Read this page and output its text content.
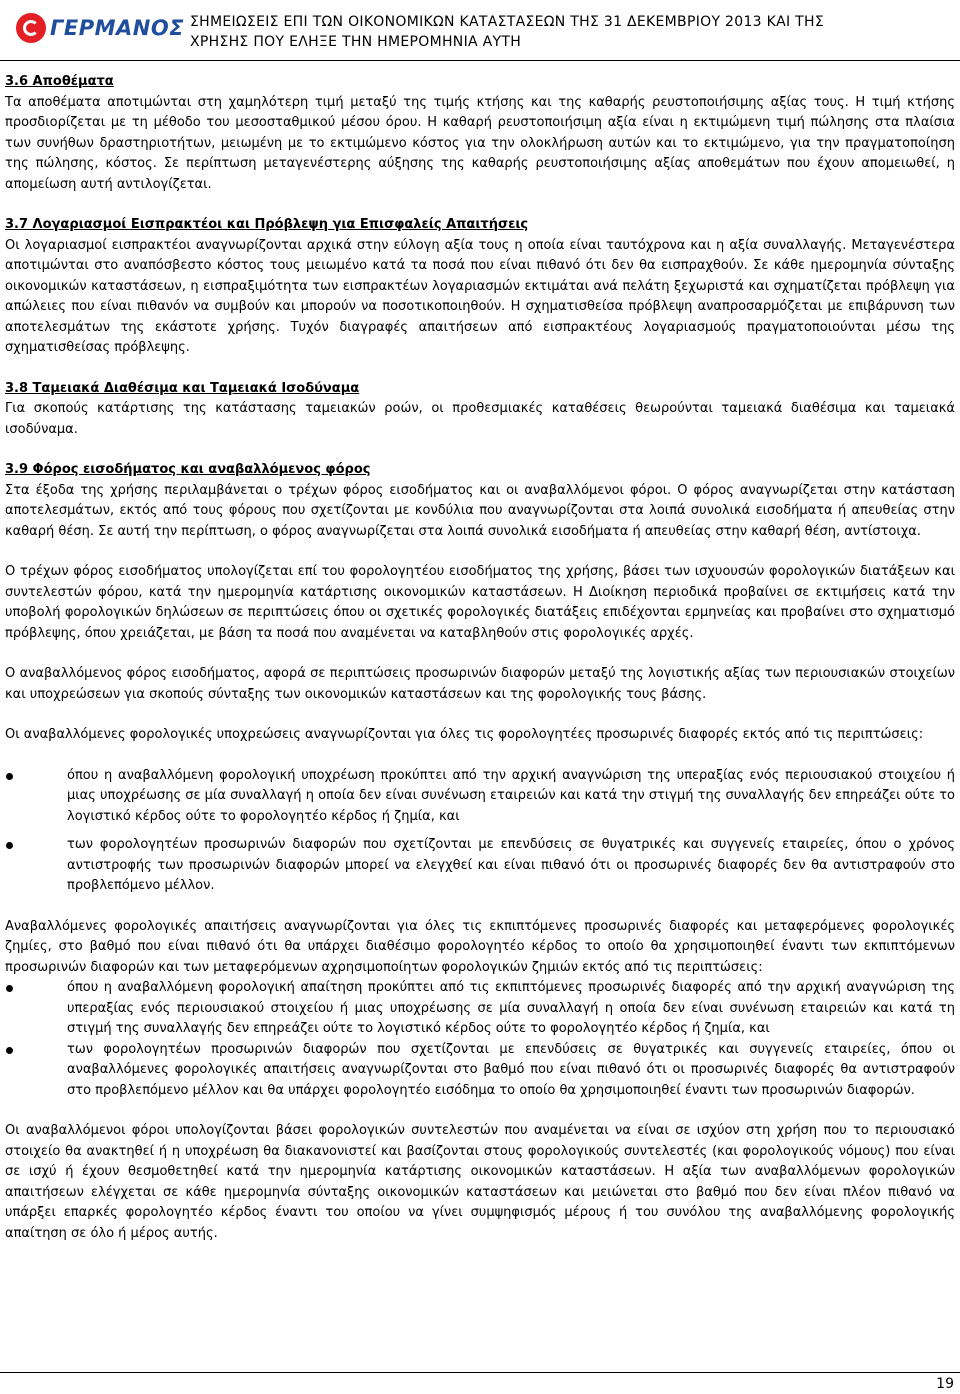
ΓΕΡΜΑΝΟΣ ΣΗΜΕΙΩΣΕΙΣ ΕΠΙ ΤΩΝ ΟΙΚΟΝΟΜΙΚΩΝ ΚΑΤΑΣΤΑΣΕΩΝ ΤΗΣ 31 ΔΕΚΕΜΒΡΙΟΥ 2013 ΚΑΙ ΤΗΣ
ΧΡΗΣΗΣ ΠΟΥ ΕΛΗΞΕ ΤΗΝ ΗΜΕΡΟΜΗΝΙΑ ΑΥΤΗ

3.6 Αποθέματα

Τα αποθέματα αποτιμώνται στη χαμηλότερη τιμή μεταξύ της τιμής κτήσης και της καθαρής ρευστοποιήσιμης αξίας τους. Η τιμή κτήσης προσδιορίζεται με τη μέθοδο του μεσοσταθμικού μέσου όρου. Η καθαρή ρευστοποιήσιμη αξία είναι η εκτιμώμενη τιμή πώλησης στα πλαίσια των συνήθων δραστηριοτήτων, μειωμένη με το εκτιμώμενο κόστος για την ολοκλήρωση αυτών και το εκτιμώμενο, για την πραγματοποίηση της πώλησης, κόστος. Σε περίπτωση μεταγενέστερης αύξησης της καθαρής ρευστοποιήσιμης αξίας αποθεμάτων που έχουν απομειωθεί, η απομείωση αυτή αντιλογίζεται.

3.7 Λογαριασμοί Εισπρακτέοι και Πρόβλεψη για Επισφαλείς Απαιτήσεις

Οι λογαριασμοί εισπρακτέοι αναγνωρίζονται αρχικά στην εύλογη αξία τους η οποία είναι ταυτόχρονα και η αξία συναλλαγής. Μεταγενέστερα αποτιμώνται στο αναπόσβεστο κόστος τους μειωμένο κατά τα ποσά που είναι πιθανό ότι δεν θα εισπραχθούν. Σε κάθε ημερομηνία σύνταξης οικονομικών καταστάσεων, η εισπραξιμότητα των εισπρακτέων λογαριασμών εκτιμάται ανά πελάτη ξεχωριστά και σχηματίζεται πρόβλεψη για απώλειες που είναι πιθανόν να συμβούν και μπορούν να ποσοτικοποιηθούν. Η σχηματισθείσα πρόβλεψη αναπροσαρμόζεται με επιβάρυνση των αποτελεσμάτων της εκάστοτε χρήσης. Τυχόν διαγραφές απαιτήσεων από εισπρακτέους λογαριασμούς πραγματοποιούνται μέσω της σχηματισθείσας πρόβλεψης.

3.8 Ταμειακά Διαθέσιμα και Ταμειακά Ισοδύναμα

Για σκοπούς κατάρτισης της κατάστασης ταμειακών ροών, οι προθεσμιακές καταθέσεις θεωρούνται ταμειακά διαθέσιμα και ταμειακά ισοδύναμα.

3.9 Φόρος εισοδήματος και αναβαλλόμενος φόρος

Στα έξοδα της χρήσης περιλαμβάνεται ο τρέχων φόρος εισοδήματος και οι αναβαλλόμενοι φόροι. Ο φόρος αναγνωρίζεται στην κατάσταση αποτελεσμάτων, εκτός από τους φόρους που σχετίζονται με κονδύλια που αναγνωρίζονται στα λοιπά συνολικά εισοδήματα ή απευθείας στην καθαρή θέση. Σε αυτή την περίπτωση, ο φόρος αναγνωρίζεται στα λοιπά συνολικά εισοδήματα ή απευθείας στην καθαρή θέση, αντίστοιχα.

Ο τρέχων φόρος εισοδήματος υπολογίζεται επί του φορολογητέου εισοδήματος της χρήσης, βάσει των ισχυουσών φορολογικών διατάξεων και συντελεστών φόρου, κατά την ημερομηνία κατάρτισης οικονομικών καταστάσεων. Η Διοίκηση περιοδικά προβαίνει σε εκτιμήσεις κατά την υποβολή φορολογικών δηλώσεων σε περιπτώσεις όπου οι σχετικές φορολογικές διατάξεις επιδέχονται ερμηνείας και προβαίνει στο σχηματισμό πρόβλεψης, όπου χρειάζεται, με βάση τα ποσά που αναμένεται να καταβληθούν στις φορολογικές αρχές.

Ο αναβαλλόμενος φόρος εισοδήματος, αφορά σε περιπτώσεις προσωρινών διαφορών μεταξύ της λογιστικής αξίας των περιουσιακών στοιχείων και υποχρεώσεων για σκοπούς σύνταξης των οικονομικών καταστάσεων και της φορολογικής τους βάσης.

Οι αναβαλλόμενες φορολογικές υποχρεώσεις αναγνωρίζονται για όλες τις φορολογητέες προσωρινές διαφορές εκτός από τις περιπτώσεις:

όπου η αναβαλλόμενη φορολογική υποχρέωση προκύπτει από την αρχική αναγνώριση της υπεραξίας ενός περιουσιακού στοιχείου ή μιας υποχρέωσης σε μία συναλλαγή η οποία δεν είναι συνένωση εταιρειών και κατά την στιγμή της συναλλαγής δεν επηρεάζει ούτε το λογιστικό κέρδος ούτε το φορολογητέο κέρδος ή ζημία, και

των φορολογητέων προσωρινών διαφορών που σχετίζονται με επενδύσεις σε θυγατρικές και συγγενείς εταιρείες, όπου ο χρόνος αντιστροφής των προσωρινών διαφορών μπορεί να ελεγχθεί και είναι πιθανό ότι οι προσωρινές διαφορές δεν θα αντιστραφούν στο προβλεπόμενο μέλλον.

Αναβαλλόμενες φορολογικές απαιτήσεις αναγνωρίζονται για όλες τις εκπιπτόμενες προσωρινές διαφορές και μεταφερόμενες φορολογικές ζημίες, στο βαθμό που είναι πιθανό ότι θα υπάρχει διαθέσιμο φορολογητέο κέρδος το οποίο θα χρησιμοποιηθεί έναντι των εκπιπτόμενων προσωρινών διαφορών και των μεταφερόμενων αχρησιμοποίητων φορολογικών ζημιών εκτός από τις περιπτώσεις:

όπου η αναβαλλόμενη φορολογική απαίτηση προκύπτει από τις εκπιπτόμενες προσωρινές διαφορές από την αρχική αναγνώριση της υπεραξίας ενός περιουσιακού στοιχείου ή μιας υποχρέωσης σε μία συναλλαγή η οποία δεν είναι συνένωση εταιρειών και κατά τη στιγμή της συναλλαγής δεν επηρεάζει ούτε το λογιστικό κέρδος ούτε το φορολογητέο κέρδος ή ζημία, και

των φορολογητέων προσωρινών διαφορών που σχετίζονται με επενδύσεις σε θυγατρικές και συγγενείς εταιρείες, όπου οι αναβαλλόμενες φορολογικές απαιτήσεις αναγνωρίζονται στο βαθμό που είναι πιθανό ότι οι προσωρινές διαφορές θα αντιστραφούν στο προβλεπόμενο μέλλον και θα υπάρχει φορολογητέο εισόδημα το οποίο θα χρησιμοποιηθεί έναντι των προσωρινών διαφορών.

Οι αναβαλλόμενοι φόροι υπολογίζονται βάσει φορολογικών συντελεστών που αναμένεται να είναι σε ισχύον στη χρήση που το περιουσιακό στοιχείο θα ανακτηθεί ή η υποχρέωση θα διακανονιστεί και βασίζονται στους φορολογικούς συντελεστές (και φορολογικούς νόμους) που είναι σε ισχύ ή έχουν θεσμοθετηθεί κατά την ημερομηνία κατάρτισης οικονομικών καταστάσεων. Η αξία των αναβαλλόμενων φορολογικών απαιτήσεων ελέγχεται σε κάθε ημερομηνία σύνταξης οικονομικών καταστάσεων και μειώνεται στο βαθμό που δεν είναι πλέον πιθανό να υπάρξει επαρκές φορολογητέο κέρδος έναντι του οποίου να γίνει συμψηφισμός μέρους ή του συνόλου της αναβαλλόμενης φορολογικής απαίτηση σε όλο ή μέρος αυτής.

19
